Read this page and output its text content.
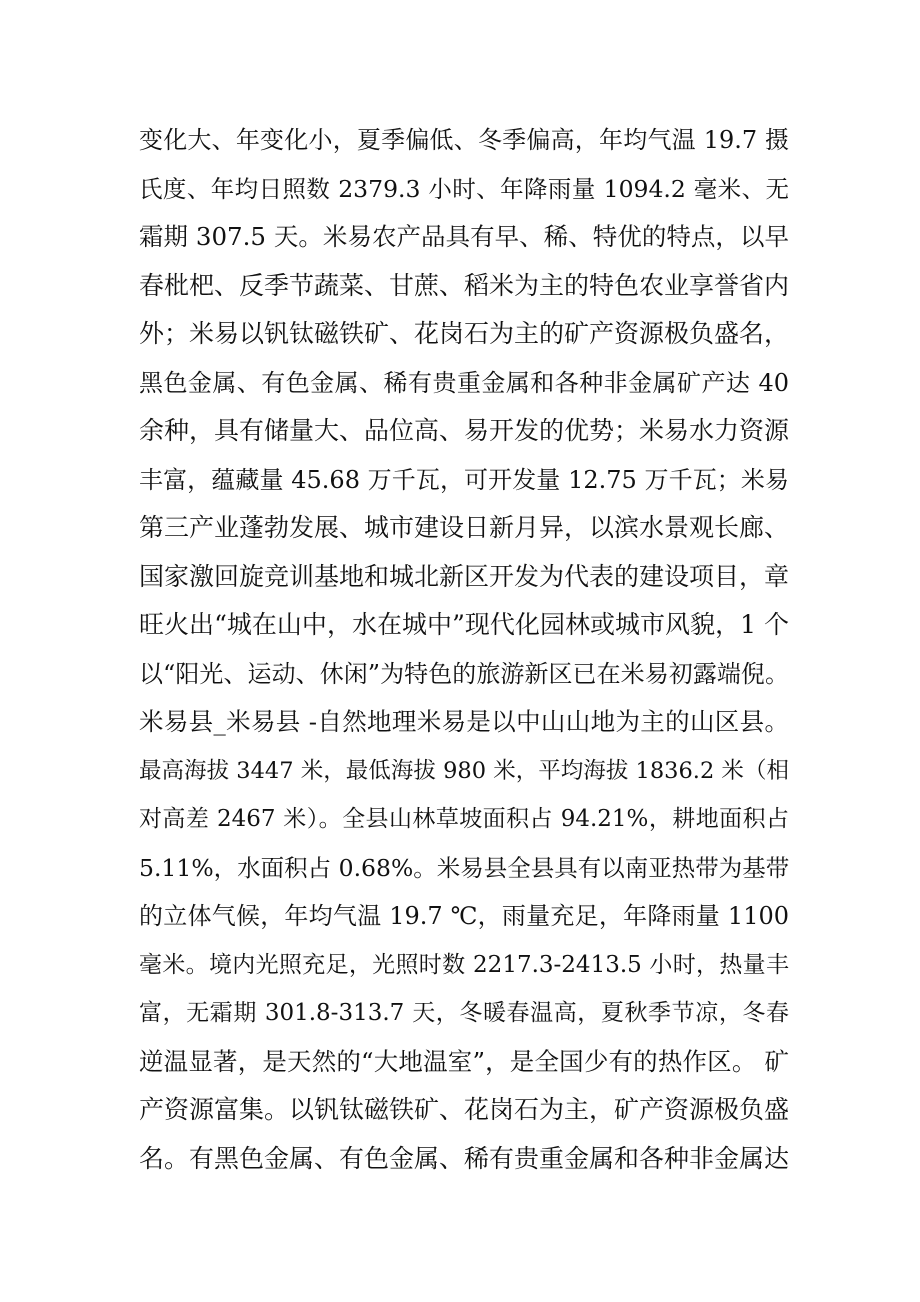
变化大、年变化小，夏季偏低、冬季偏高，年均气温 19.7 摄
氏度、年均日照数 2379.3 小时、年降雨量 1094.2 毫米、无
霜期 307.5 天。米易农产品具有早、稀、特优的特点，以早
春枇杷、反季节蔬菜、甘蔗、稻米为主的特色农业享誉省内
外；米易以钒钛磁铁矿、花岗石为主的矿产资源极负盛名，
黑色金属、有色金属、稀有贵重金属和各种非金属矿产达 40
余种，具有储量大、品位高、易开发的优势；米易水力资源
丰富，蕴藏量 45.68 万千瓦，可开发量 12.75 万千瓦；米易
第三产业蓬勃发展、城市建设日新月异，以滨水景观长廊、
国家激回旋竞训基地和城北新区开发为代表的建设项目，章
旺火出“城在山中，水在城中”现代化园林或城市风貌，1 个
以“阳光、运动、休闲”为特色的旅游新区已在米易初露端倪。
米易县_米易县 -自然地理米易是以中山山地为主的山区县。
最高海拔 3447 米，最低海拔 980 米，平均海拔 1836.2 米（相
对高差 2467 米）。全县山林草坡面积占 94.21%，耕地面积占
5.11%，水面积占 0.68%。米易县全县具有以南亚热带为基带
的立体气候，年均气温 19.7 ℃，雨量充足，年降雨量 1100
毫米。境内光照充足，光照时数 2217.3-2413.5 小时，热量丰
富，无霜期 301.8-313.7 天，冬暖春温高，夏秋季节凉，冬春
逆温显著，是天然的“大地温室”，是全国少有的热作区。 矿
产资源富集。以钒钛磁铁矿、花岗石为主，矿产资源极负盛
名。有黑色金属、有色金属、稀有贵重金属和各种非金属达
